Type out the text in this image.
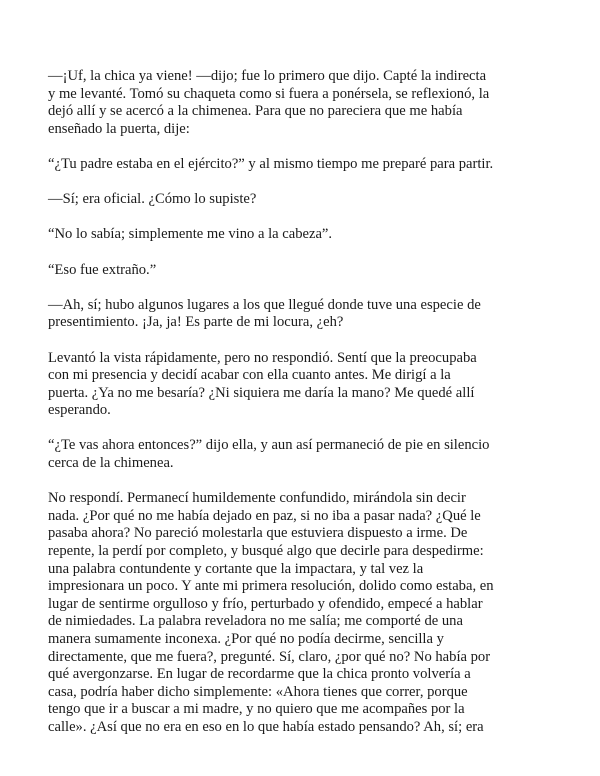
—¡Uf, la chica ya viene! —dijo; fue lo primero que dijo. Capté la indirecta
y me levanté. Tomó su chaqueta como si fuera a ponérsela, se reflexionó, la
dejó allí y se acercó a la chimenea. Para que no pareciera que me había
enseñado la puerta, dije:

“¿Tu padre estaba en el ejército?” y al mismo tiempo me preparé para partir.

—Sí; era oficial. ¿Cómo lo supiste?

“No lo sabía; simplemente me vino a la cabeza”.

“Eso fue extraño.”

—Ah, sí; hubo algunos lugares a los que llegué donde tuve una especie de
presentimiento. ¡Ja, ja! Es parte de mi locura, ¿eh?

Levantó la vista rápidamente, pero no respondió. Sentí que la preocupaba
con mi presencia y decidí acabar con ella cuanto antes. Me dirigí a la
puerta. ¿Ya no me besaría? ¿Ni siquiera me daría la mano? Me quedé allí
esperando.

“¿Te vas ahora entonces?” dijo ella, y aun así permaneció de pie en silencio
cerca de la chimenea.

No respondí. Permanecí humildemente confundido, mirándola sin decir
nada. ¿Por qué no me había dejado en paz, si no iba a pasar nada? ¿Qué le
pasaba ahora? No pareció molestarla que estuviera dispuesto a irme. De
repente, la perdí por completo, y busqué algo que decirle para despedirme:
una palabra contundente y cortante que la impactara, y tal vez la
impresionara un poco. Y ante mi primera resolución, dolido como estaba, en
lugar de sentirme orgulloso y frío, perturbado y ofendido, empecé a hablar
de nimiedades. La palabra reveladora no me salía; me comporté de una
manera sumamente inconexa. ¿Por qué no podía decirme, sencilla y
directamente, que me fuera?, pregunté. Sí, claro, ¿por qué no? No había por
qué avergonzarse. En lugar de recordarme que la chica pronto volvería a
casa, podría haber dicho simplemente: «Ahora tienes que correr, porque
tengo que ir a buscar a mi madre, y no quiero que me acompañes por la
calle». ¿Así que no era en eso en lo que había estado pensando? Ah, sí; era
